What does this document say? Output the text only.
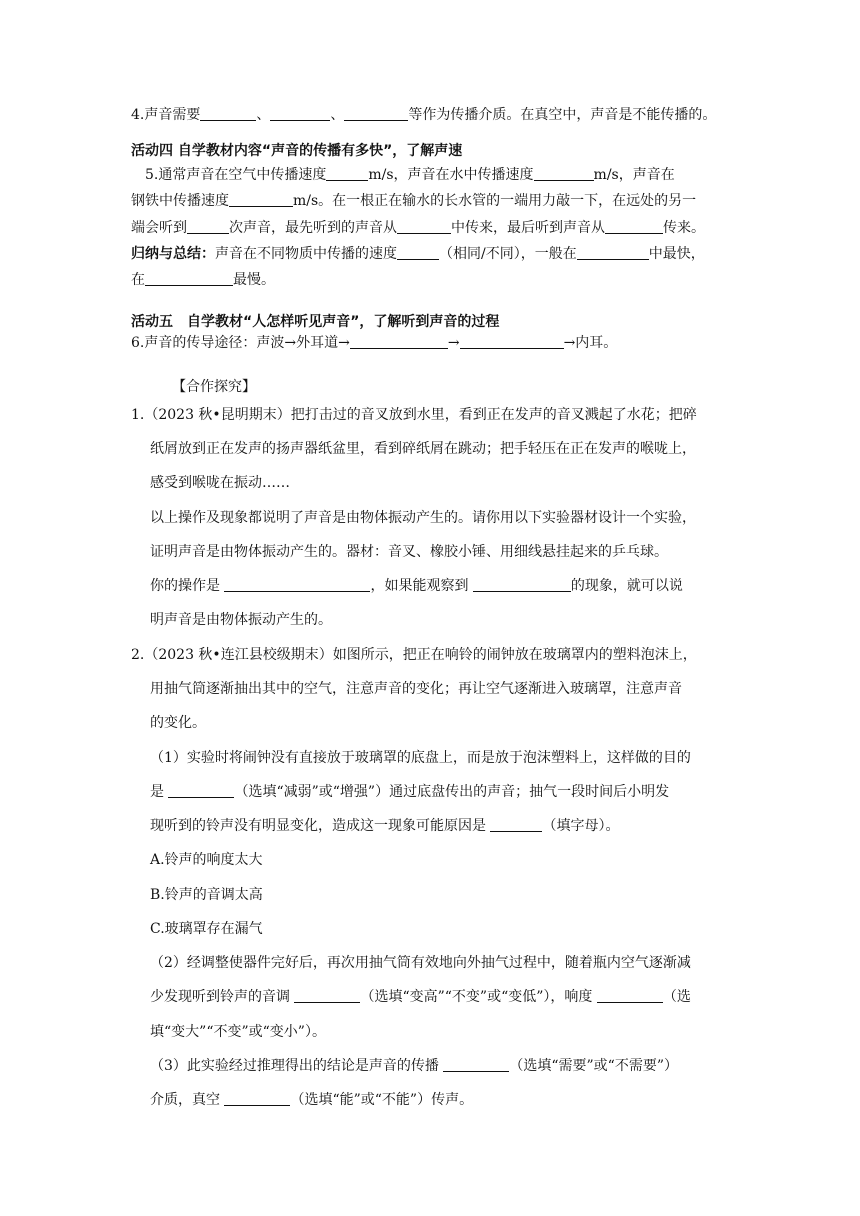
4.声音需要	、	、	等作为传播介质。在真空中，声音是不能传播的。
活动四 自学教材内容“声音的传播有多快”，了解声速
5.通常声音在空气中传播速度	m/s，声音在水中传播速度	m/s，声音在
钢铁中传播速度	m/s。在一根正在输水的长水管的一端用力敲一下，在远处的另一
端会听到	次声音，最先听到的声音从	中传来，最后听到声音从	传来。
归纳与总结：声音在不同物质中传播的速度	（相同/不同），一般在	中最快，
在	最慢。
活动五　自学教材“人怎样听见声音”，了解听到声音的过程
6.声音的传导途径：声波→外耳道→	→	→内耳。
【合作探究】
1.（2023 秋•昆明期末）把打击过的音叉放到水里，看到正在发声的音叉溅起了水花；把碎
纸屑放到正在发声的扬声器纸盆里，看到碎纸屑在跳动；把手轻压在正在发声的喉咙上，
感受到喉咙在振动……
以上操作及现象都说明了声音是由物体振动产生的。请你用以下实验器材设计一个实验，
证明声音是由物体振动产生的。器材：音叉、橡胶小锤、用细线悬挂起来的乒乓球。
你的操作是	，如果能观察到	的现象，就可以说
明声音是由物体振动产生的。
2.（2023 秋•连江县校级期末）如图所示，把正在响铃的闹钟放在玻璃罩内的塑料泡沫上，
用抽气筒逐渐抽出其中的空气，注意声音的变化；再让空气逐渐进入玻璃罩，注意声音
的变化。
（1）实验时将闹钟没有直接放于玻璃罩的底盘上，而是放于泡沫塑料上，这样做的目的
是	（选填“减弱”或“增强”）通过底盘传出的声音；抽气一段时间后小明发
现听到的铃声没有明显变化，造成这一现象可能原因是	（填字母）。
A.铃声的响度太大
B.铃声的音调太高
C.玻璃罩存在漏气
（2）经调整使器件完好后，再次用抽气筒有效地向外抽气过程中，随着瓶内空气逐渐减
少发现听到铃声的音调	（选填“变高”“不变”或“变低”），响度	（选
填“变大”“不变”或“变小”）。
（3）此实验经过推理得出的结论是声音的传播	（选填“需要”或“不需要”）
介质，真空	（选填“能”或“不能”）传声。
